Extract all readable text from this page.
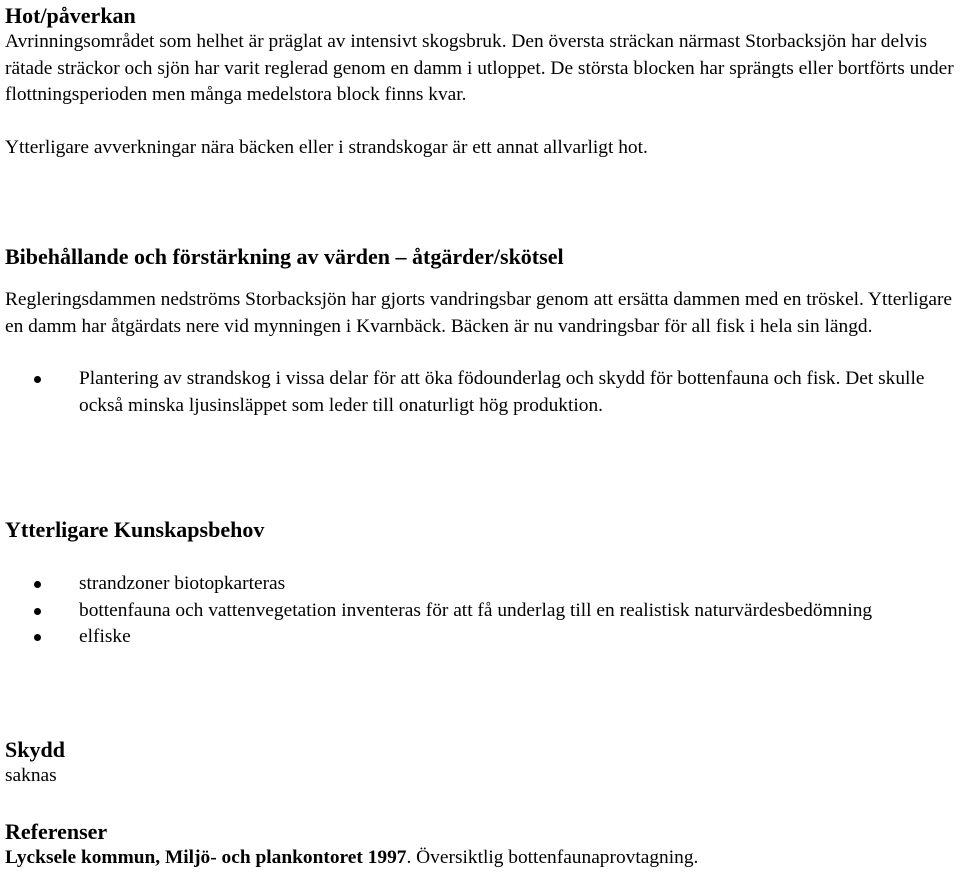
Hot/påverkan

Avrinningsområdet som helhet är präglat av intensivt skogsbruk. Den översta sträckan närmast Storbacksjön har delvis rätade sträckor och sjön har varit reglerad genom en damm i utloppet. De största blocken har sprängts eller bortförts under flottningsperioden men många medelstora block finns kvar.

Ytterligare avverkningar nära bäcken eller i strandskogar är ett annat allvarligt hot.

Bibehållande och förstärkning av värden – åtgärder/skötsel

Regleringsdammen nedströms Storbacksjön har gjorts vandringsbar genom att ersätta dammen med en tröskel. Ytterligare en damm har åtgärdats nere vid mynningen i Kvarnbäck. Bäcken är nu vandringsbar för all fisk i hela sin längd.

Plantering av strandskog i vissa delar för att öka födounderlag och skydd för bottenfauna och fisk. Det skulle också minska ljusinsläppet som leder till onaturligt hög produktion.
Ytterligare Kunskapsbehov
strandzoner biotopkarteras
bottenfauna och vattenvegetation inventeras för att få underlag till en realistisk naturvärdesbedömning
elfiske
Skydd

saknas

Referenser

Lycksele kommun, Miljö- och plankontoret 1997. Översiktlig bottenfaunaprovtagning.
